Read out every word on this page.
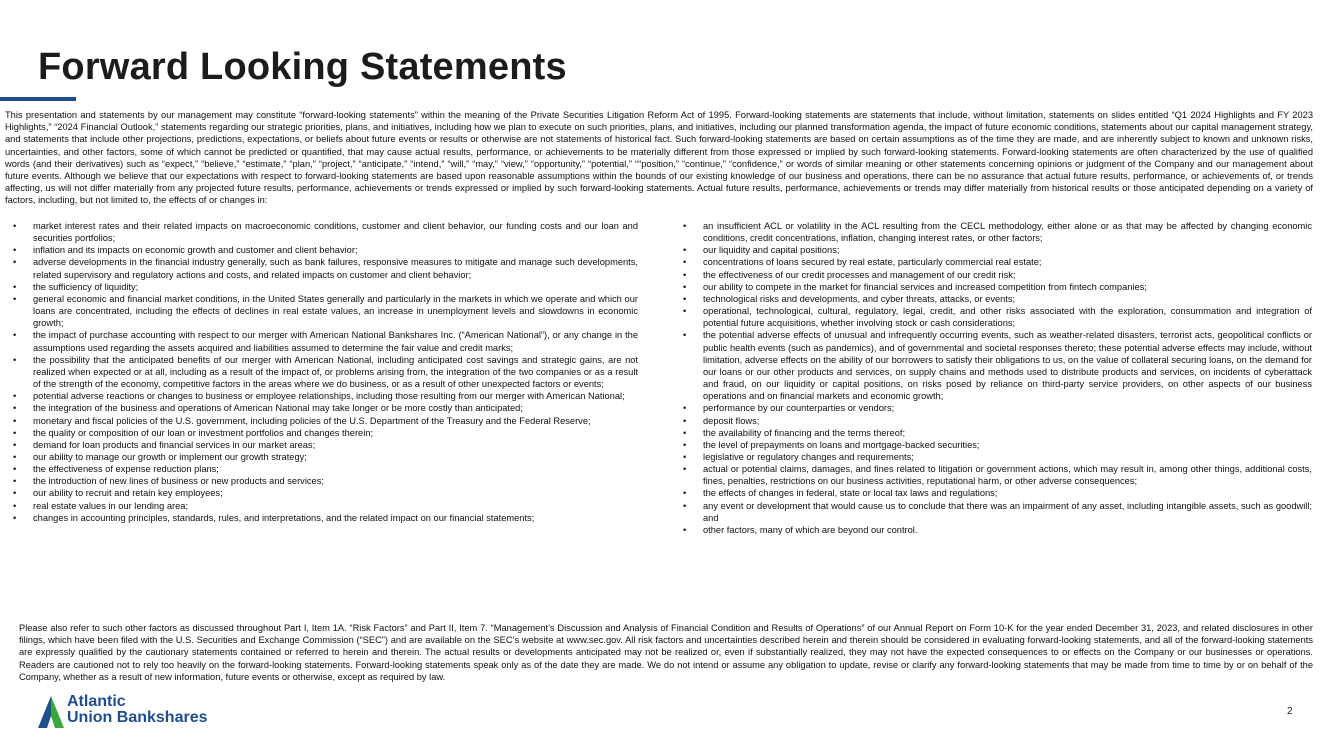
Forward Looking Statements

This presentation and statements by our management may constitute “forward-looking statements” within the meaning of the Private Securities Litigation Reform Act of 1995. Forward-looking statements are statements that include, without limitation, statements on slides entitled “Q1 2024 Highlights and FY 2023 Highlights,” “2024 Financial Outlook,” statements regarding our strategic priorities, plans, and initiatives, including how we plan to execute on such priorities, plans, and initiatives, including our planned transformation agenda, the impact of future economic conditions, statements about our capital management strategy, and statements that include other projections, predictions, expectations, or beliefs about future events or results or otherwise are not statements of historical fact. Such forward-looking statements are based on certain assumptions as of the time they are made, and are inherently subject to known and unknown risks, uncertainties, and other factors, some of which cannot be predicted or quantified, that may cause actual results, performance, or achievements to be materially different from those expressed or implied by such forward-looking statements. Forward-looking statements are often characterized by the use of qualified words (and their derivatives) such as “expect,” “believe,” “estimate,” “plan,” “project,” “anticipate,” “intend,” “will,” “may,” “view,” “opportunity,” “potential,” ““position,” “continue,” “confidence,” or words of similar meaning or other statements concerning opinions or judgment of the Company and our management about future events. Although we believe that our expectations with respect to forward-looking statements are based upon reasonable assumptions within the bounds of our existing knowledge of our business and operations, there can be no assurance that actual future results, performance, or achievements of, or trends affecting, us will not differ materially from any projected future results, performance, achievements or trends expressed or implied by such forward-looking statements. Actual future results, performance, achievements or trends may differ materially from historical results or those anticipated depending on a variety of factors, including, but not limited to, the effects of or changes in:

• market interest rates and their related impacts on macroeconomic conditions, customer and client behavior, our funding costs and our loan and securities portfolios;
• inflation and its impacts on economic growth and customer and client behavior;
• adverse developments in the financial industry generally, such as bank failures, responsive measures to mitigate and manage such developments, related supervisory and regulatory actions and costs, and related impacts on customer and client behavior;
• the sufficiency of liquidity;
• general economic and financial market conditions, in the United States generally and particularly in the markets in which we operate and which our loans are concentrated, including the effects of declines in real estate values, an increase in unemployment levels and slowdowns in economic growth;
• the impact of purchase accounting with respect to our merger with American National Bankshares Inc. (“American National”), or any change in the assumptions used regarding the assets acquired and liabilities assumed to determine the fair value and credit marks;
• the possibility that the anticipated benefits of our merger with American National, including anticipated cost savings and strategic gains, are not realized when expected or at all, including as a result of the impact of, or problems arising from, the integration of the two companies or as a result of the strength of the economy, competitive factors in the areas where we do business, or as a result of other unexpected factors or events;
• potential adverse reactions or changes to business or employee relationships, including those resulting from our merger with American National;
• the integration of the business and operations of American National may take longer or be more costly than anticipated;
• monetary and fiscal policies of the U.S. government, including policies of the U.S. Department of the Treasury and the Federal Reserve;
• the quality or composition of our loan or investment portfolios and changes therein;
• demand for loan products and financial services in our market areas;
• our ability to manage our growth or implement our growth strategy;
• the effectiveness of expense reduction plans;
• the introduction of new lines of business or new products and services;
• our ability to recruit and retain key employees;
• real estate values in our lending area;
• changes in accounting principles, standards, rules, and interpretations, and the related impact on our financial statements;
• an insufficient ACL or volatility in the ACL resulting from the CECL methodology, either alone or as that may be affected by changing economic conditions, credit concentrations, inflation, changing interest rates, or other factors;
• our liquidity and capital positions;
• concentrations of loans secured by real estate, particularly commercial real estate;
• the effectiveness of our credit processes and management of our credit risk;
• our ability to compete in the market for financial services and increased competition from fintech companies;
• technological risks and developments, and cyber threats, attacks, or events;
• operational, technological, cultural, regulatory, legal, credit, and other risks associated with the exploration, consummation and integration of potential future acquisitions, whether involving stock or cash considerations;
• the potential adverse effects of unusual and infrequently occurring events, such as weather-related disasters, terrorist acts, geopolitical conflicts or public health events (such as pandemics), and of governmental and societal responses thereto; these potential adverse effects may include, without limitation, adverse effects on the ability of our borrowers to satisfy their obligations to us, on the value of collateral securing loans, on the demand for our loans or our other products and services, on supply chains and methods used to distribute products and services, on incidents of cyberattack and fraud, on our liquidity or capital positions, on risks posed by reliance on third-party service providers, on other aspects of our business operations and on financial markets and economic growth;
• performance by our counterparties or vendors;
• deposit flows;
• the availability of financing and the terms thereof;
• the level of prepayments on loans and mortgage-backed securities;
• legislative or regulatory changes and requirements;
• actual or potential claims, damages, and fines related to litigation or government actions, which may result in, among other things, additional costs, fines, penalties, restrictions on our business activities, reputational harm, or other adverse consequences;
• the effects of changes in federal, state or local tax laws and regulations;
• any event or development that would cause us to conclude that there was an impairment of any asset, including intangible assets, such as goodwill; and
• other factors, many of which are beyond our control.

Please also refer to such other factors as discussed throughout Part I, Item 1A. “Risk Factors” and Part II, Item 7. “Management’s Discussion and Analysis of Financial Condition and Results of Operations” of our Annual Report on Form 10-K for the year ended December 31, 2023, and related disclosures in other filings, which have been filed with the U.S. Securities and Exchange Commission (“SEC”) and are available on the SEC’s website at www.sec.gov. All risk factors and uncertainties described herein and therein should be considered in evaluating forward-looking statements, and all of the forward-looking statements are expressly qualified by the cautionary statements contained or referred to herein and therein. The actual results or developments anticipated may not be realized or, even if substantially realized, they may not have the expected consequences to or effects on the Company or our businesses or operations. Readers are cautioned not to rely too heavily on the forward-looking statements. Forward-looking statements speak only as of the date they are made. We do not intend or assume any obligation to update, revise or clarify any forward-looking statements that may be made from time to time by or on behalf of the Company, whether as a result of new information, future events or otherwise, except as required by law.

Atlantic
Union Bankshares	2
